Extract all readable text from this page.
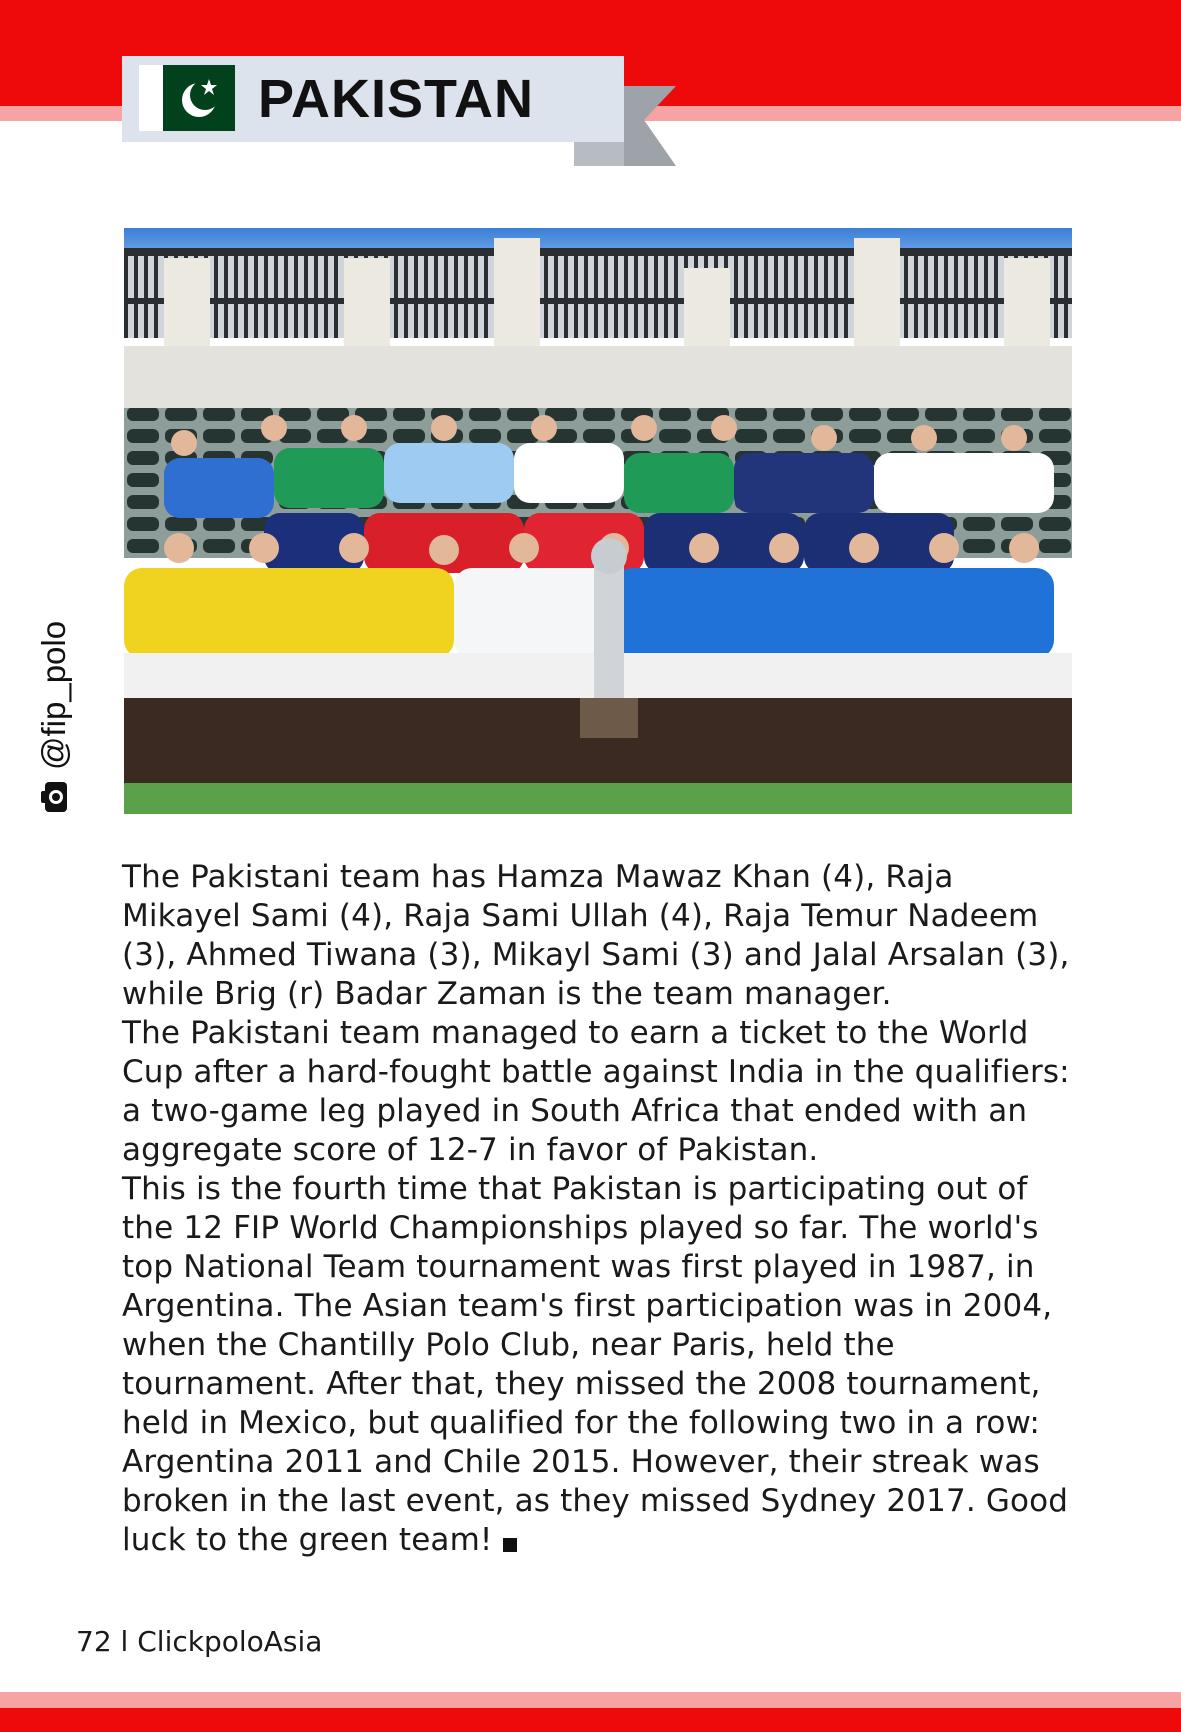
PAKISTAN
@fip_polo

The Pakistani team has Hamza Mawaz Khan (4), Raja Mikayel Sami (4), Raja Sami Ullah (4), Raja Temur Nadeem (3), Ahmed Tiwana (3), Mikayl Sami (3) and Jalal Arsalan (3), while Brig (r) Badar Zaman is the team manager.

The Pakistani team managed to earn a ticket to the World Cup after a hard-fought battle against India in the qualifiers: a two-game leg played in South Africa that ended with an aggregate score of 12-7 in favor of Pakistan.

This is the fourth time that Pakistan is participating out of the 12 FIP World Championships played so far. The world's top National Team tournament was first played in 1987, in Argentina. The Asian team's first participation was in 2004, when the Chantilly Polo Club, near Paris, held the tournament. After that, they missed the 2008 tournament, held in Mexico, but qualified for the following two in a row: Argentina 2011 and Chile 2015. However, their streak was broken in the last event, as they missed Sydney 2017. Good luck to the green team!

72 l ClickpoloAsia
